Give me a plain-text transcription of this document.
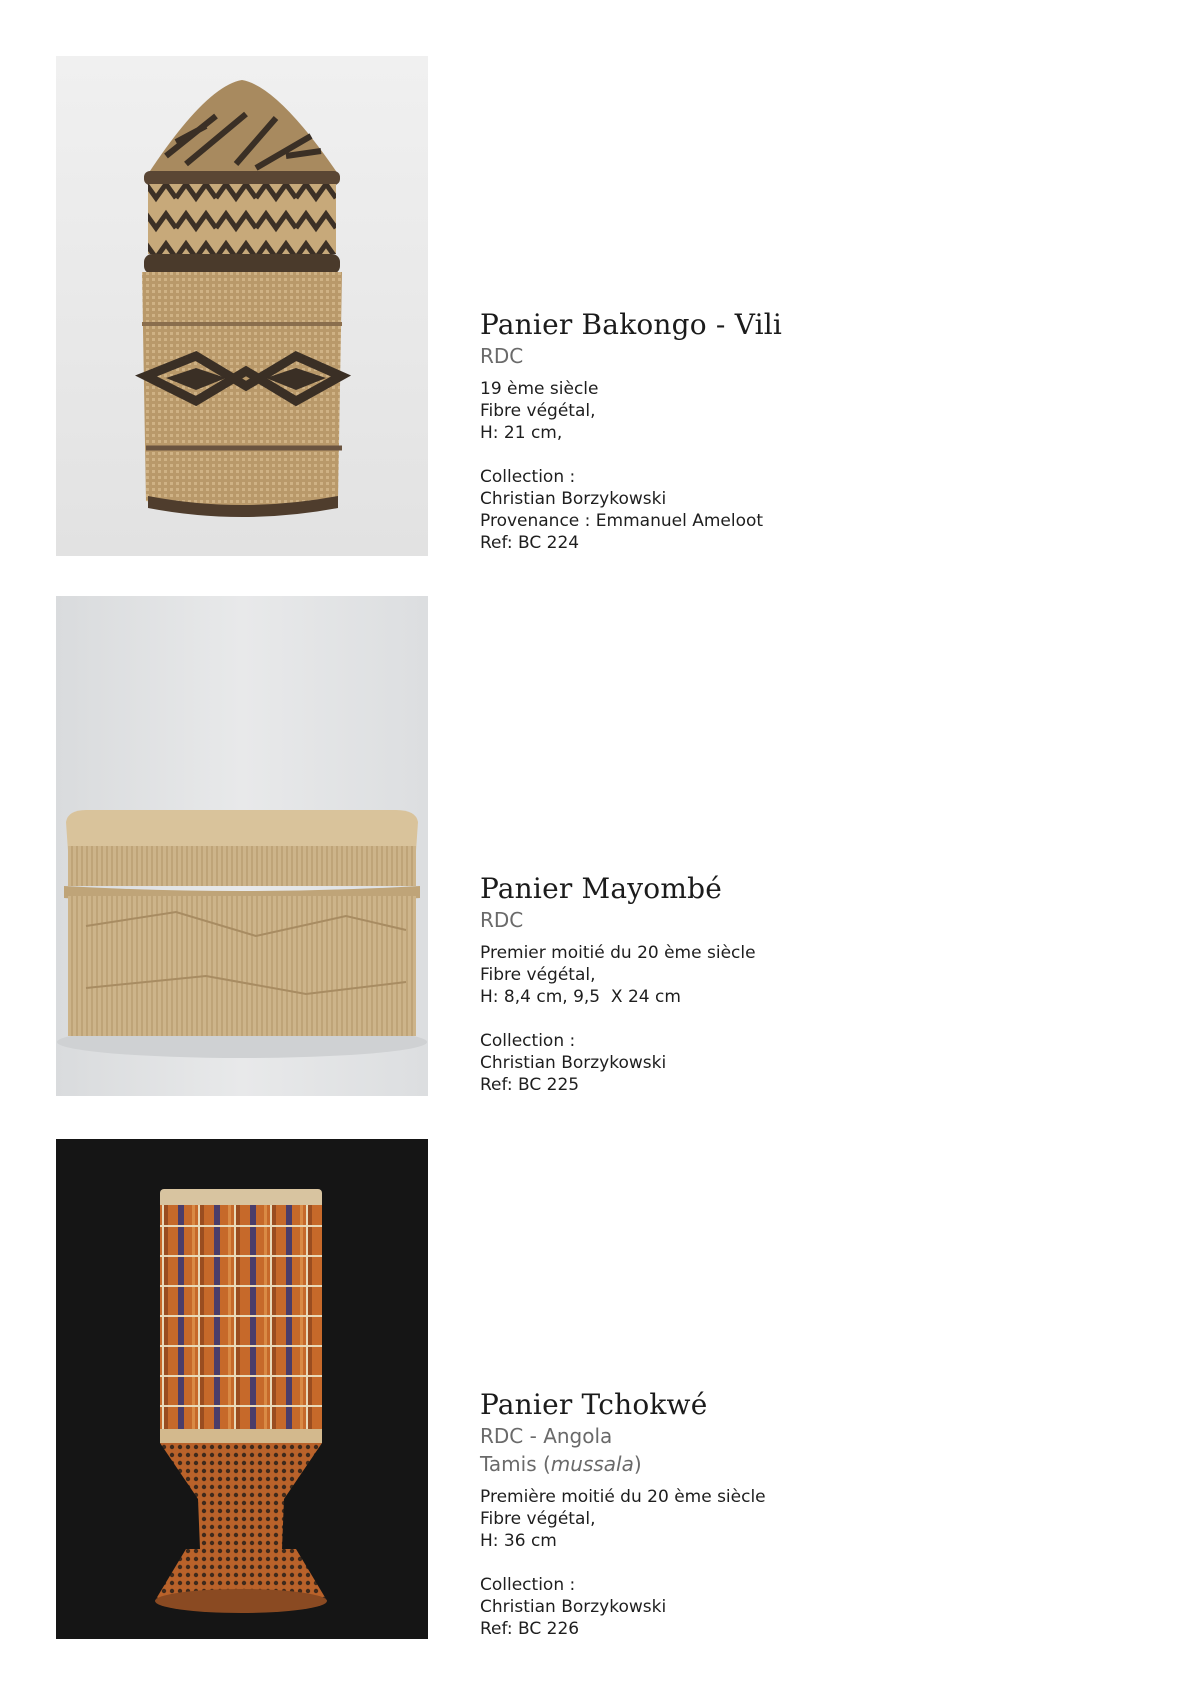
Panier Bakongo - Vili
RDC
19 ème siècle
Fibre végétal,
H: 21 cm,
Collection :
Christian Borzykowski
Provenance : Emmanuel Ameloot
Ref: BC 224
Panier Mayombé
RDC
Premier moitié du 20 ème siècle
Fibre végétal,
H: 8,4 cm, 9,5  X 24 cm
Collection :
Christian Borzykowski
Ref: BC 225
Panier Tchokwé
RDC - Angola
Tamis (mussala)
Première moitié du 20 ème siècle
Fibre végétal,
H: 36 cm
Collection :
Christian Borzykowski
Ref: BC 226
